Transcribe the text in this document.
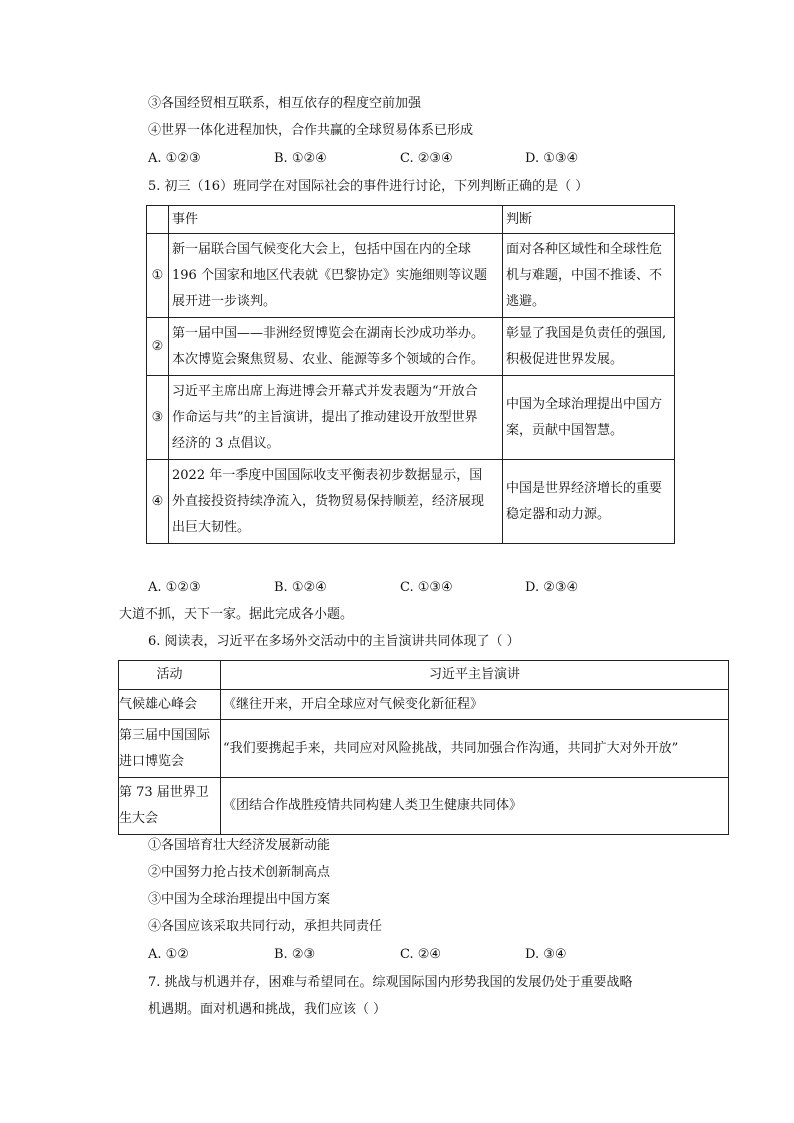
③各国经贸相互联系，相互依存的程度空前加强
④世界一体化进程加快，合作共赢的全球贸易体系已形成
A. ①②③	B. ①②④	C. ②③④	D. ①③④
5. 初三（16）班同学在对国际社会的事件进行讨论，下列判断正确的是（ ）
	事件	判断
①	新一届联合国气候变化大会上，包括中国在内的全球
196 个国家和地区代表就《巴黎协定》实施细则等议题
展开进一步谈判。	面对各种区域性和全球性危
机与难题，中国不推诿、不
逃避。

②	第一届中国——非洲经贸博览会在湖南长沙成功举办。
本次博览会聚焦贸易、农业、能源等多个领域的合作。	彰显了我国是负责任的强国,
积极促进世界发展。

③	习近平主席出席上海进博会开幕式并发表题为“开放合
作命运与共”的主旨演讲，提出了推动建设开放型世界
经济的 3 点倡议。	中国为全球治理提出中国方
案，贡献中国智慧。

④	2022 年一季度中国国际收支平衡表初步数据显示，国
外直接投资持续净流入，货物贸易保持顺差，经济展现
出巨大韧性。	中国是世界经济增长的重要
稳定器和动力源。
A. ①②③	B. ①②④	C. ①③④	D. ②③④
大道不抓，天下一家。据此完成各小题。
6. 阅读表，习近平在多场外交活动中的主旨演讲共同体现了（ ）
活动	习近平主旨演讲

气候雄心峰会	《继往开来，开启全球应对气候变化新征程》

第三届中国国际
进口博览会	“我们要携起手来，共同应对风险挑战，共同加强合作沟通，共同扩大对外开放”

第 73 届世界卫
生大会	《团结合作战胜疫情共同构建人类卫生健康共同体》
①各国培育壮大经济发展新动能
②中国努力抢占技术创新制高点
③中国为全球治理提出中国方案
④各国应该采取共同行动，承担共同责任
A. ①②	B. ②③	C. ②④	D. ③④
7. 挑战与机遇并存，困难与希望同在。综观国际国内形势我国的发展仍处于重要战略
机遇期。面对机遇和挑战，我们应该（ ）
